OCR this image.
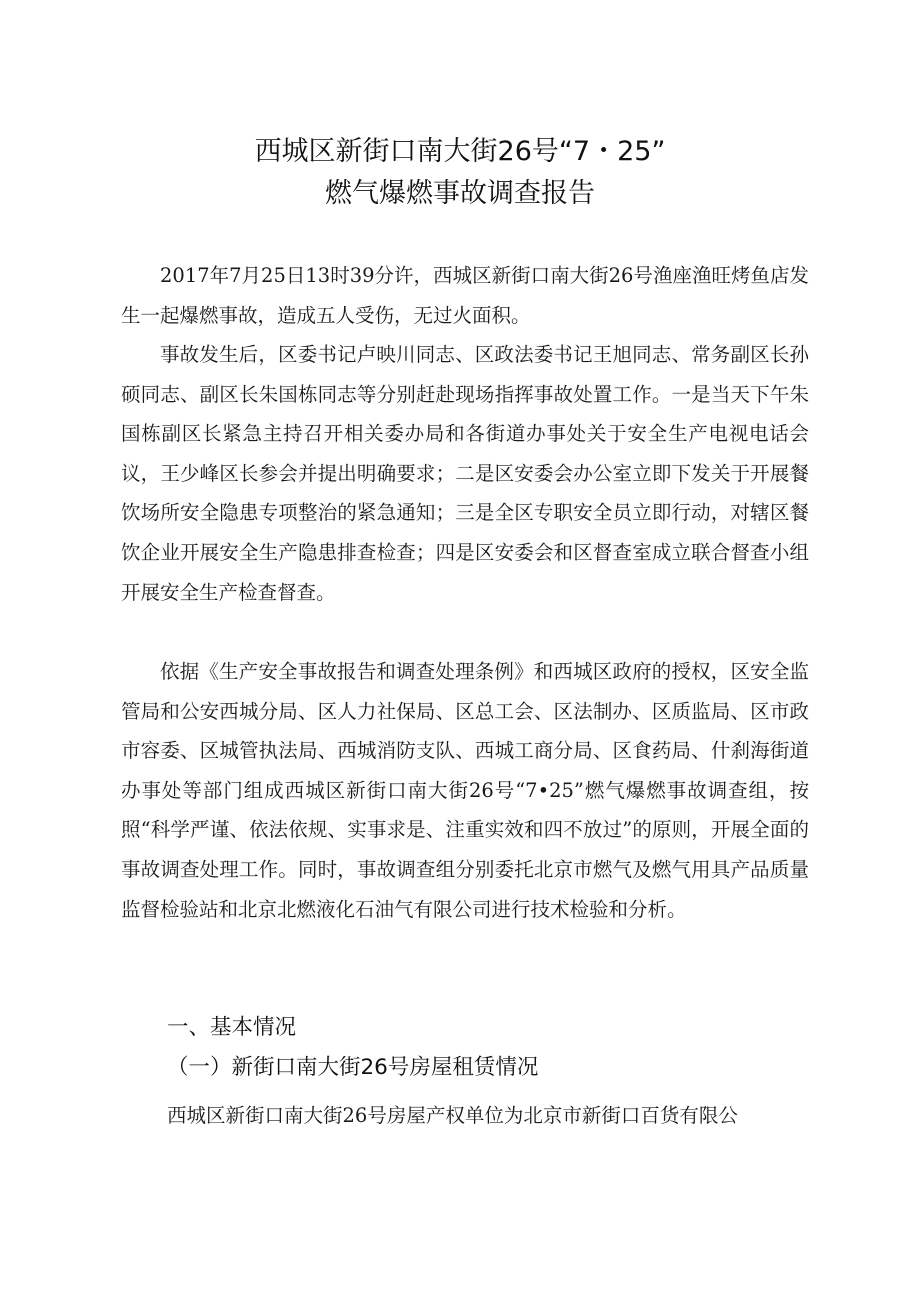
西城区新街口南大街26号“7・25”
燃气爆燃事故调查报告

2017年7月25日13时39分许，西城区新街口南大街26号渔座渔旺烤鱼店发生一起爆燃事故，造成五人受伤，无过火面积。

事故发生后，区委书记卢映川同志、区政法委书记王旭同志、常务副区长孙硕同志、副区长朱国栋同志等分别赶赴现场指挥事故处置工作。一是当天下午朱国栋副区长紧急主持召开相关委办局和各街道办事处关于安全生产电视电话会议，王少峰区长参会并提出明确要求；二是区安委会办公室立即下发关于开展餐饮场所安全隐患专项整治的紧急通知；三是全区专职安全员立即行动，对辖区餐饮企业开展安全生产隐患排查检查；四是区安委会和区督查室成立联合督查小组开展安全生产检查督查。

依据《生产安全事故报告和调查处理条例》和西城区政府的授权，区安全监管局和公安西城分局、区人力社保局、区总工会、区法制办、区质监局、区市政市容委、区城管执法局、西城消防支队、西城工商分局、区食药局、什刹海街道办事处等部门组成西城区新街口南大街26号“7•25”燃气爆燃事故调查组，按照“科学严谨、依法依规、实事求是、注重实效和四不放过”的原则，开展全面的事故调查处理工作。同时，事故调查组分别委托北京市燃气及燃气用具产品质量监督检验站和北京北燃液化石油气有限公司进行技术检验和分析。

一、基本情况
（一）新街口南大街26号房屋租赁情况
西城区新街口南大街26号房屋产权单位为北京市新街口百货有限公
